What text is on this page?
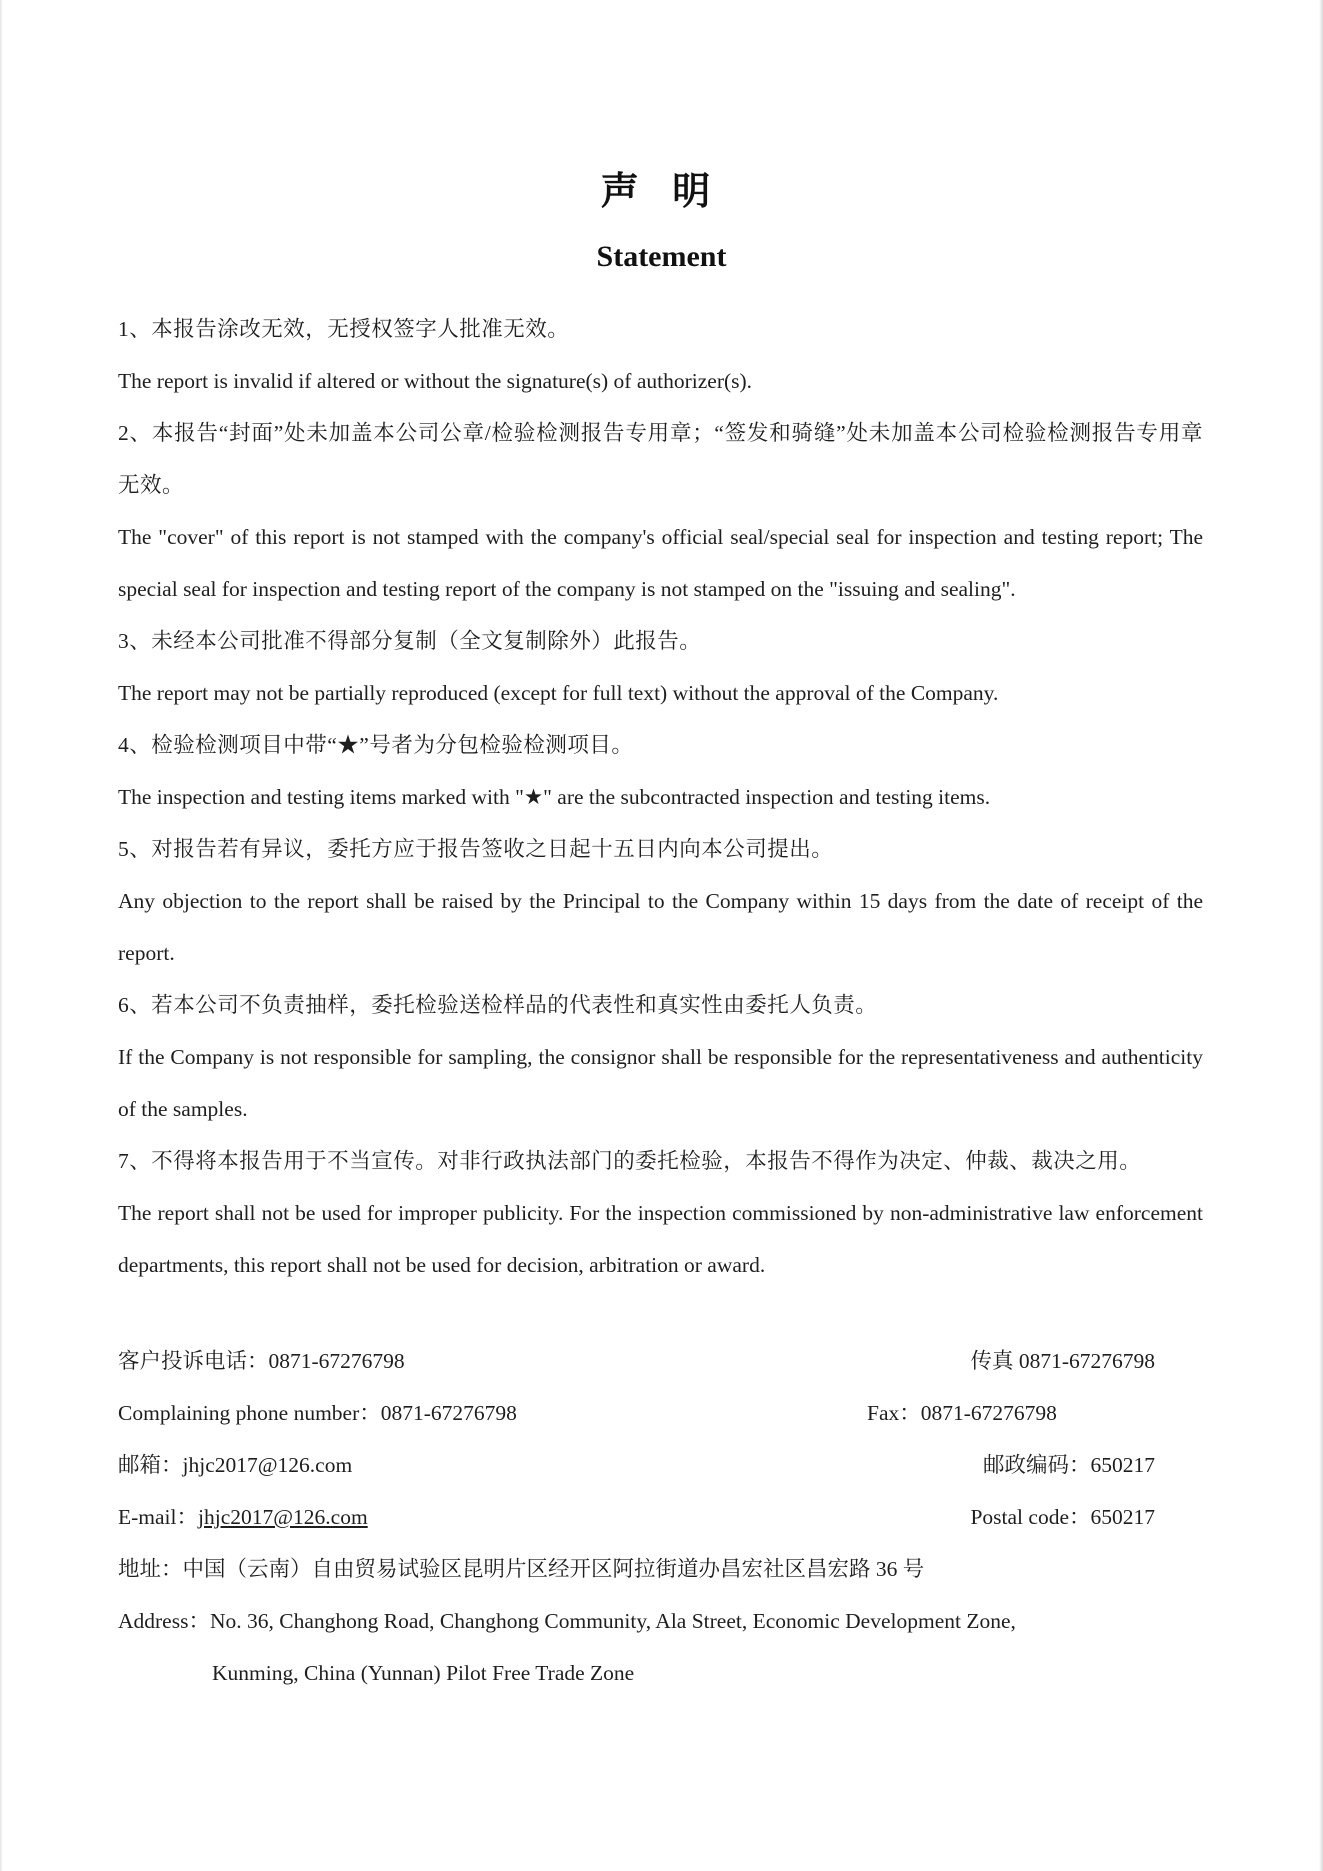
声 明
Statement

1、本报告涂改无效，无授权签字人批准无效。

The report is invalid if altered or without the signature(s) of authorizer(s).

2、本报告“封面”处未加盖本公司公章/检验检测报告专用章；“签发和骑缝”处未加盖本公司检验检测报告专用章无效。

The "cover" of this report is not stamped with the company's official seal/special seal for inspection and testing report; The special seal for inspection and testing report of the company is not stamped on the "issuing and sealing".

3、未经本公司批准不得部分复制（全文复制除外）此报告。

The report may not be partially reproduced (except for full text) without the approval of the Company.

4、检验检测项目中带“★”号者为分包检验检测项目。

The inspection and testing items marked with "★" are the subcontracted inspection and testing items.

5、对报告若有异议，委托方应于报告签收之日起十五日内向本公司提出。

Any objection to the report shall be raised by the Principal to the Company within 15 days from the date of receipt of the report.

6、若本公司不负责抽样，委托检验送检样品的代表性和真实性由委托人负责。

If the Company is not responsible for sampling, the consignor shall be responsible for the representativeness and authenticity of the samples.

7、不得将本报告用于不当宣传。对非行政执法部门的委托检验，本报告不得作为决定、仲裁、裁决之用。

The report shall not be used for improper publicity. For the inspection commissioned by non-administrative law enforcement departments, this report shall not be used for decision, arbitration or award.

客户投诉电话：0871-67276798	传真 0871-67276798
Complaining phone number：0871-67276798	Fax：0871-67276798
邮箱：jhjc2017@126.com	邮政编码：650217
E-mail：jhjc2017@126.com	Postal code：650217
地址：中国（云南）自由贸易试验区昆明片区经开区阿拉街道办昌宏社区昌宏路 36 号
Address：No. 36, Changhong Road, Changhong Community, Ala Street, Economic Development Zone,
Kunming, China (Yunnan) Pilot Free Trade Zone
